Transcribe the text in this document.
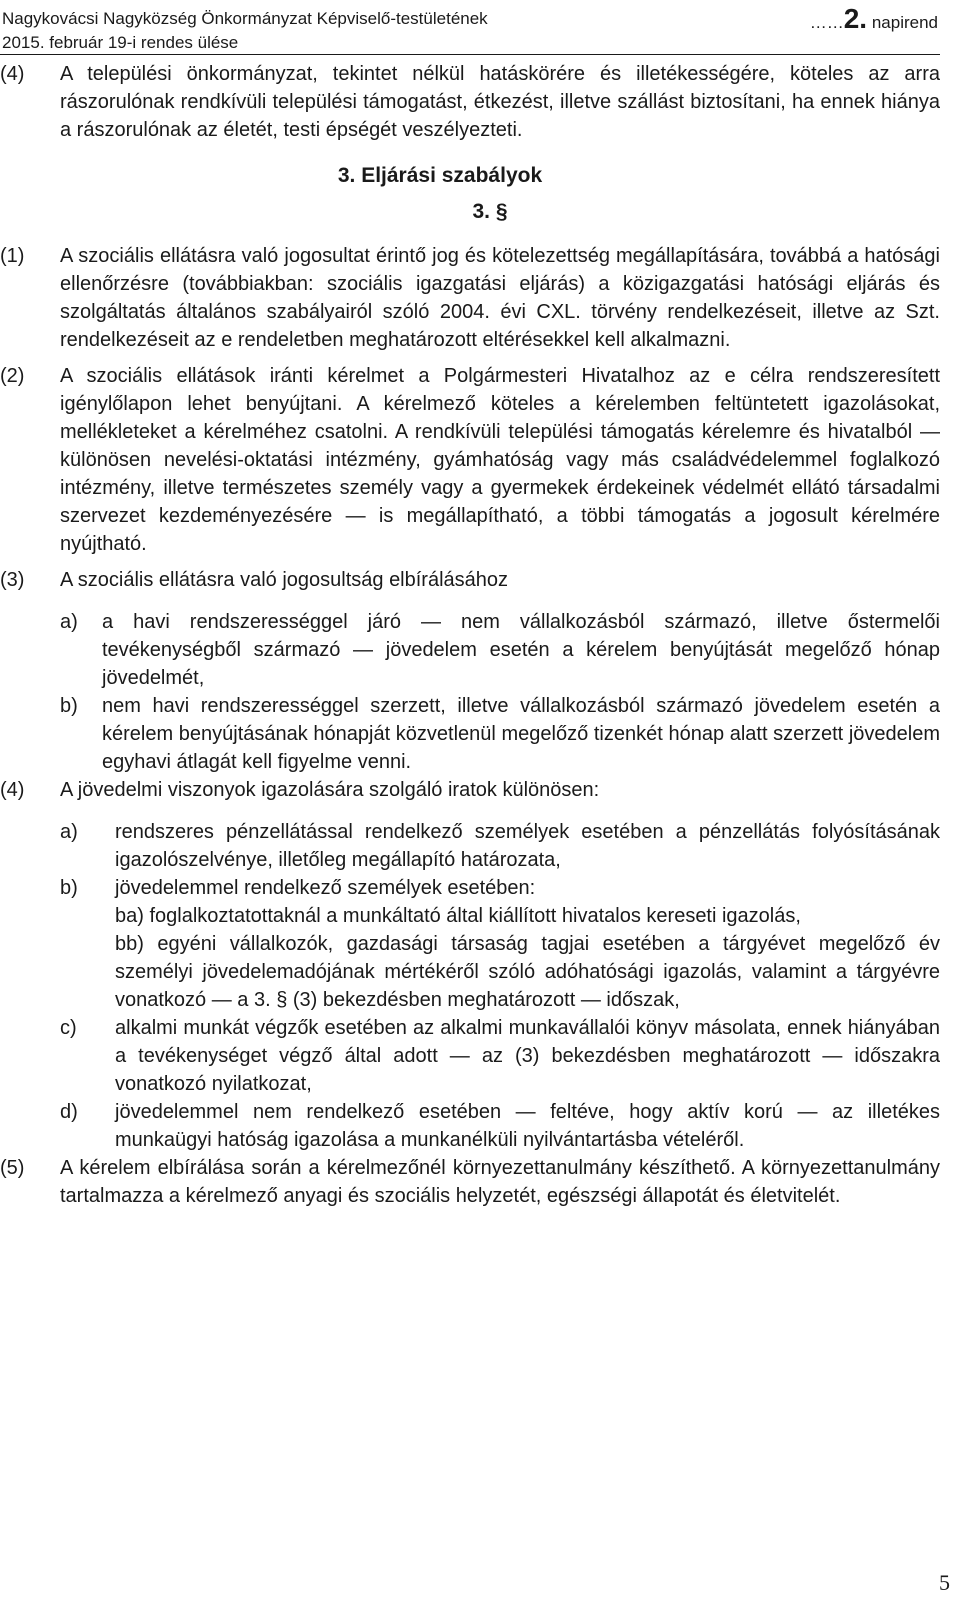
Nagykovácsi Nagyközség Önkormányzat Képviselő-testületének	……2. napirend
2015. február 19-i rendes ülése
(4)	A települési önkormányzat, tekintet nélkül hatáskörére és illetékességére, köteles az arra rászorulónak rendkívüli települési támogatást, étkezést, illetve szállást biztosítani, ha ennek hiánya a rászorulónak az életét, testi épségét veszélyezteti.
3. Eljárási szabályok
3. §
(1)	A szociális ellátásra való jogosultat érintő jog és kötelezettség megállapítására, továbbá a hatósági ellenőrzésre (továbbiakban: szociális igazgatási eljárás) a közigazgatási hatósági eljárás és szolgáltatás általános szabályairól szóló 2004. évi CXL. törvény rendelkezéseit, illetve az Szt. rendelkezéseit az e rendeletben meghatározott eltérésekkel kell alkalmazni.
(2)	A szociális ellátások iránti kérelmet a Polgármesteri Hivatalhoz az e célra rendszeresített igénylőlapon lehet benyújtani. A kérelmező köteles a kérelemben feltüntetett igazolásokat, mellékleteket a kérelméhez csatolni. A rendkívüli települési támogatás kérelemre és hivatalból ― különösen nevelési-oktatási intézmény, gyámhatóság vagy más családvédelemmel foglalkozó intézmény, illetve természetes személy vagy a gyermekek érdekeinek védelmét ellátó társadalmi szervezet kezdeményezésére ― is megállapítható, a többi támogatás a jogosult kérelmére nyújtható.
(3)	A szociális ellátásra való jogosultság elbírálásához
a)	a havi rendszerességgel járó ― nem vállalkozásból származó, illetve őstermelői tevékenységből származó ― jövedelem esetén a kérelem benyújtását megelőző hónap jövedelmét,
b)	nem havi rendszerességgel szerzett, illetve vállalkozásból származó jövedelem esetén a kérelem benyújtásának hónapját közvetlenül megelőző tizenkét hónap alatt szerzett jövedelem egyhavi átlagát kell figyelme venni.
(4)	A jövedelmi viszonyok igazolására szolgáló iratok különösen:
a)	rendszeres pénzellátással rendelkező személyek esetében a pénzellátás folyósításának igazolószelvénye, illetőleg megállapító határozata,
b)	jövedelemmel rendelkező személyek esetében:
ba) foglalkoztatottaknál a munkáltató által kiállított hivatalos kereseti igazolás,
bb) egyéni vállalkozók, gazdasági társaság tagjai esetében a tárgyévet megelőző év személyi jövedelemadójának mértékéről szóló adóhatósági igazolás, valamint a tárgyévre vonatkozó ― a 3. § (3) bekezdésben meghatározott ― időszak,
c)	alkalmi munkát végzők esetében az alkalmi munkavállalói könyv másolata, ennek hiányában a tevékenységet végző által adott ― az (3) bekezdésben meghatározott ― időszakra vonatkozó nyilatkozat,
d)	jövedelemmel nem rendelkező esetében ― feltéve, hogy aktív korú ― az illetékes munkaügyi hatóság igazolása a munkanélküli nyilvántartásba vételéről.
(5)	A kérelem elbírálása során a kérelmezőnél környezettanulmány készíthető. A környezettanulmány tartalmazza a kérelmező anyagi és szociális helyzetét, egészségi állapotát és életvitelét.
5
